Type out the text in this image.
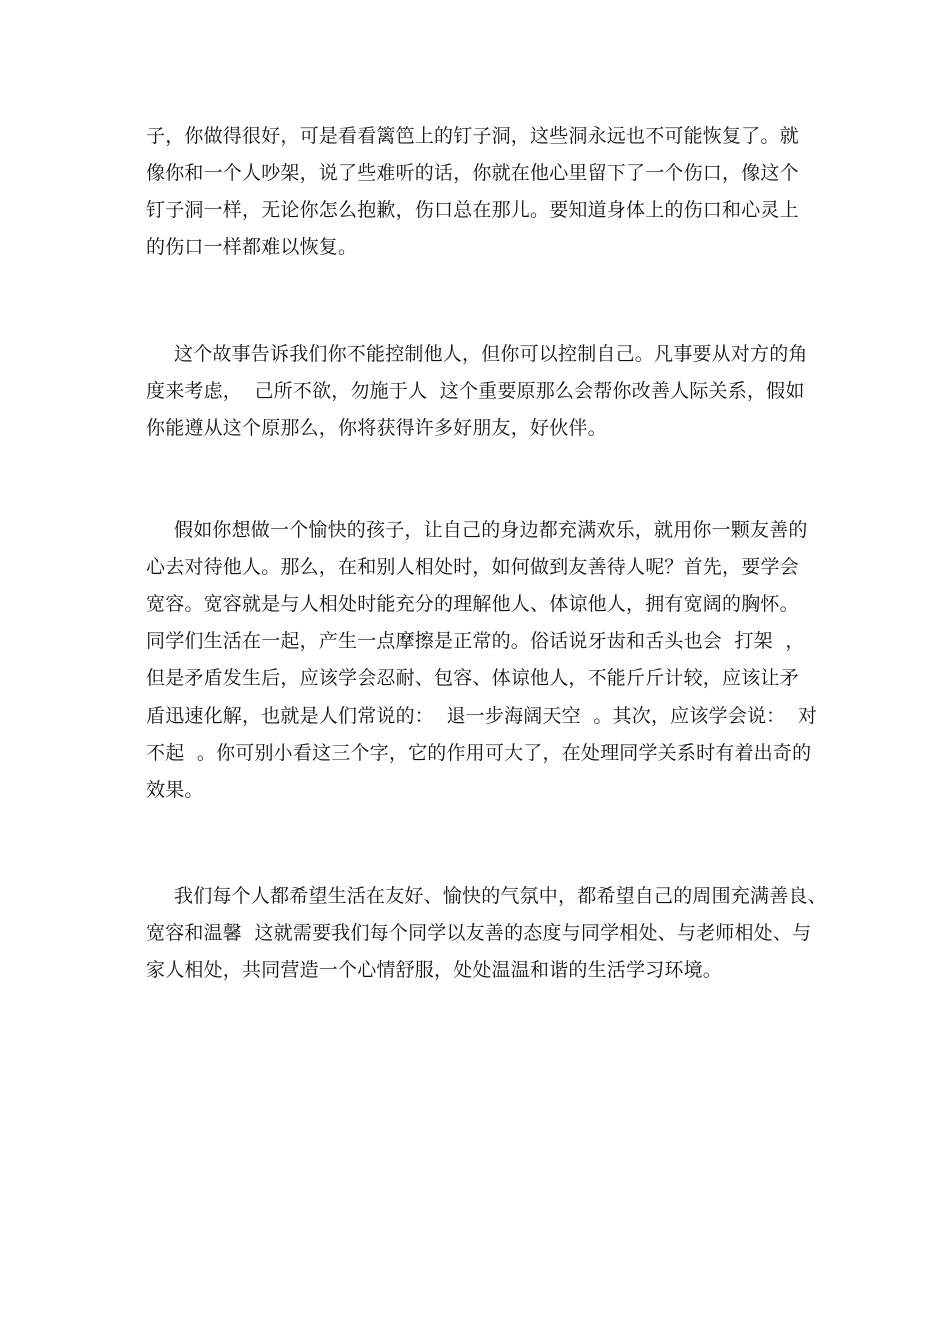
子，你做得很好，可是看看篱笆上的钉子洞，这些洞永远也不可能恢复了。就
像你和一个人吵架，说了些难听的话，你就在他心里留下了一个伤口，像这个
钉子洞一样，无论你怎么抱歉，伤口总在那儿。要知道身体上的伤口和心灵上
的伤口一样都难以恢复。
这个故事告诉我们你不能控制他人，但你可以控制自己。凡事要从对方的角
度来考虑，  己所不欲，勿施于人  这个重要原那么会帮你改善人际关系，假如
你能遵从这个原那么，你将获得许多好朋友，好伙伴。
假如你想做一个愉快的孩子，让自己的身边都充满欢乐，就用你一颗友善的
心去对待他人。那么，在和别人相处时，如何做到友善待人呢？首先，要学会
宽容。宽容就是与人相处时能充分的理解他人、体谅他人，拥有宽阔的胸怀。
同学们生活在一起，产生一点摩擦是正常的。俗话说牙齿和舌头也会  打架  ，
但是矛盾发生后，应该学会忍耐、包容、体谅他人，不能斤斤计较，应该让矛
盾迅速化解，也就是人们常说的：  退一步海阔天空  。其次，应该学会说：  对
不起  。你可别小看这三个字，它的作用可大了，在处理同学关系时有着出奇的
效果。
我们每个人都希望生活在友好、愉快的气氛中，都希望自己的周围充满善良、
宽容和温馨  这就需要我们每个同学以友善的态度与同学相处、与老师相处、与
家人相处，共同营造一个心情舒服，处处温温和谐的生活学习环境。
